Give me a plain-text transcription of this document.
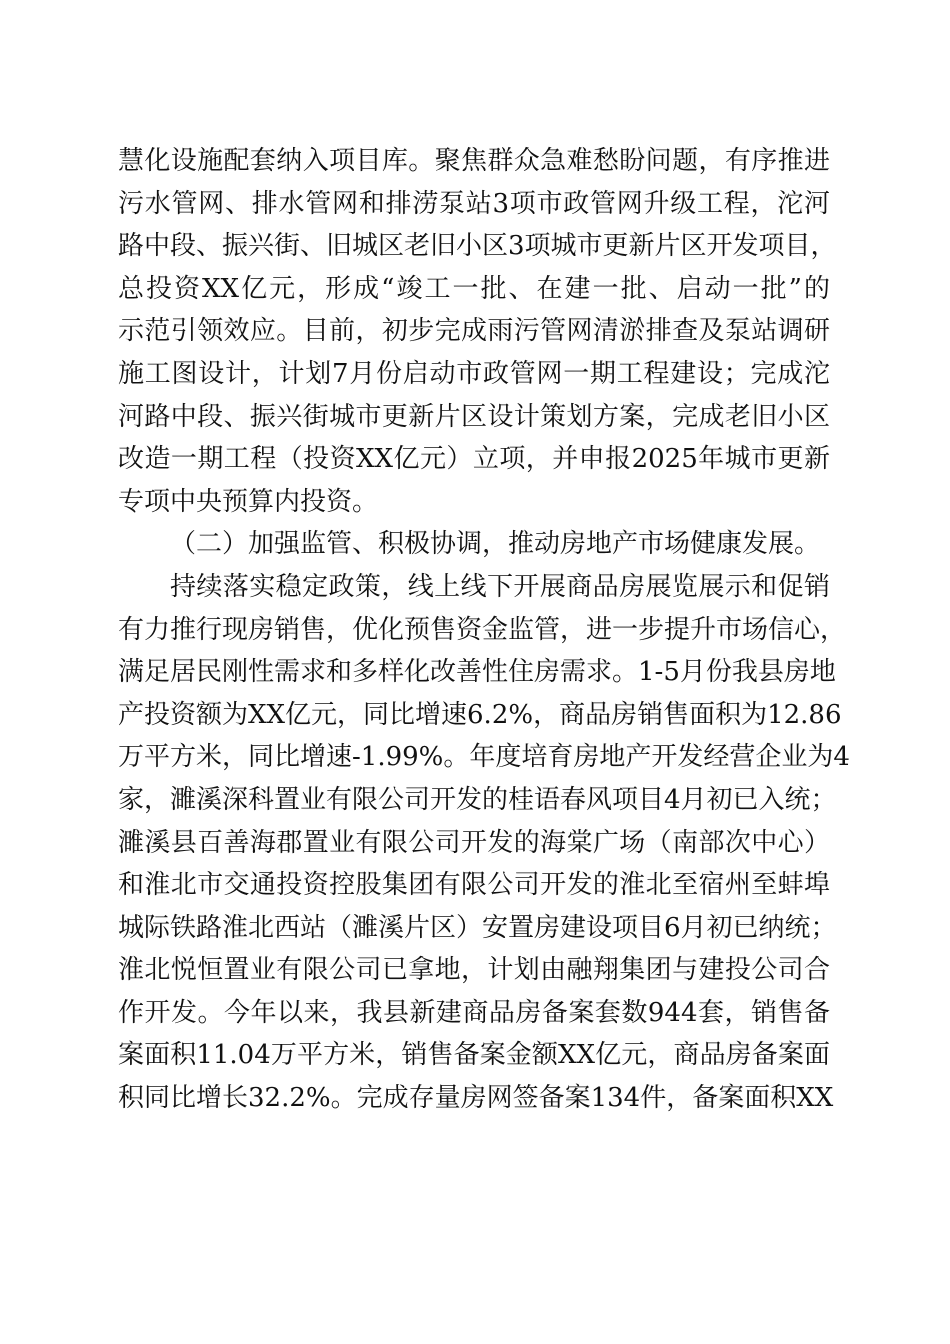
慧化设施配套纳入项目库。聚焦群众急难愁盼问题，有序推进
污水管网、排水管网和排涝泵站3项市政管网升级工程，沱河
路中段、振兴街、旧城区老旧小区3项城市更新片区开发项目，
总投资XX亿元，形成“竣工一批、在建一批、启动一批”的
示范引领效应。目前，初步完成雨污管网清淤排查及泵站调研
施工图设计，计划7月份启动市政管网一期工程建设；完成沱
河路中段、振兴街城市更新片区设计策划方案，完成老旧小区
改造一期工程（投资XX亿元）立项，并申报2025年城市更新
专项中央预算内投资。
（二）加强监管、积极协调，推动房地产市场健康发展。
持续落实稳定政策，线上线下开展商品房展览展示和促销
有力推行现房销售，优化预售资金监管，进一步提升市场信心，
满足居民刚性需求和多样化改善性住房需求。1-5月份我县房地
产投资额为XX亿元，同比增速6.2%，商品房销售面积为12.86
万平方米，同比增速-1.99%。年度培育房地产开发经营企业为4
家，濉溪深科置业有限公司开发的桂语春风项目4月初已入统；
濉溪县百善海郡置业有限公司开发的海棠广场（南部次中心）
和淮北市交通投资控股集团有限公司开发的淮北至宿州至蚌埠
城际铁路淮北西站（濉溪片区）安置房建设项目6月初已纳统；
淮北悦恒置业有限公司已拿地，计划由融翔集团与建投公司合
作开发。今年以来，我县新建商品房备案套数944套，销售备
案面积11.04万平方米，销售备案金额XX亿元，商品房备案面
积同比增长32.2%。完成存量房网签备案134件，备案面积XX
